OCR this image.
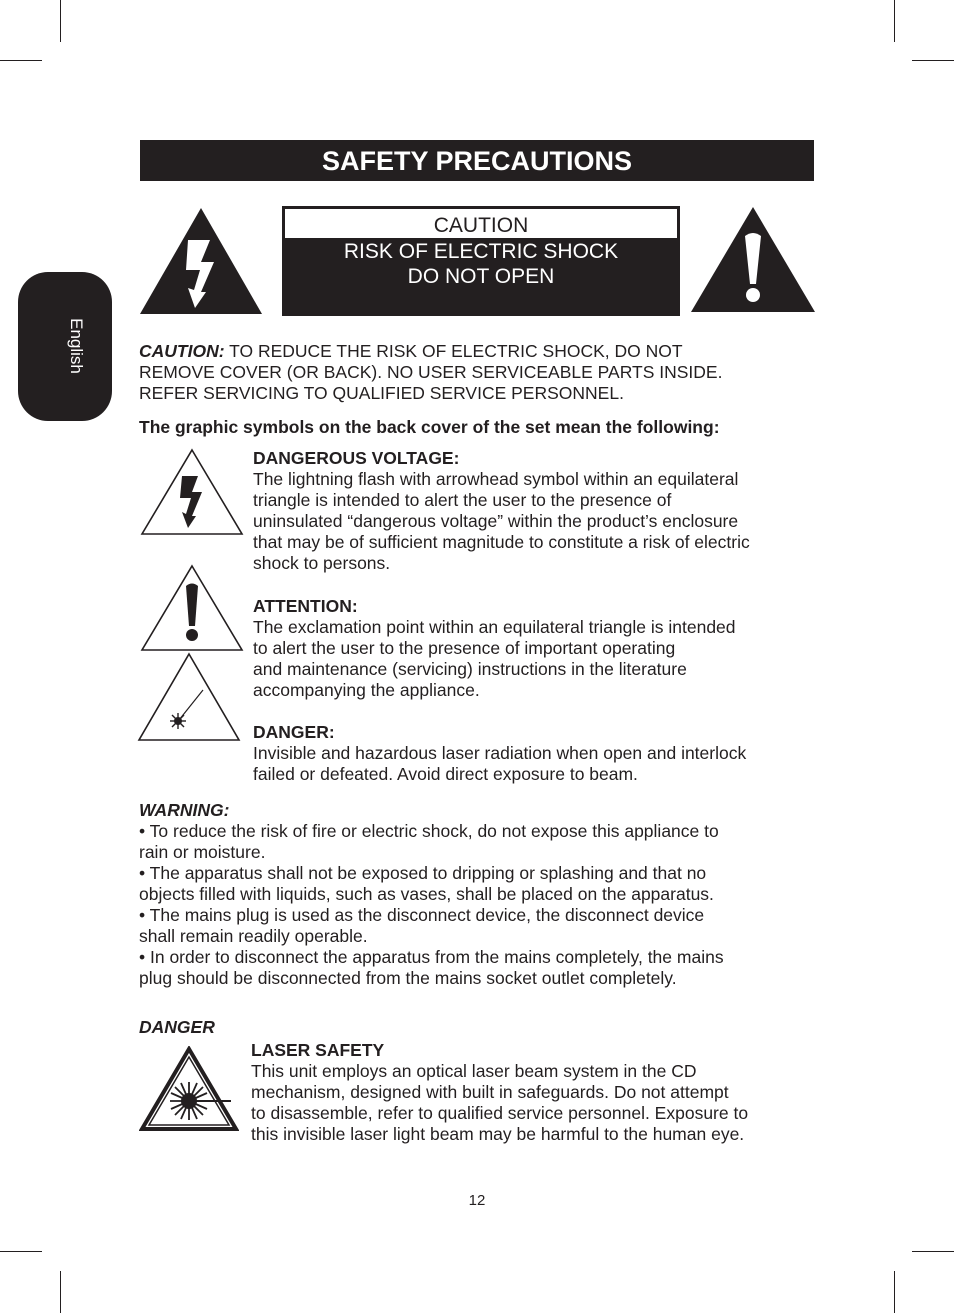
English
SAFETY PRECAUTIONS
CAUTION
RISK OF ELECTRIC SHOCK
DO NOT OPEN

CAUTION: TO REDUCE THE RISK OF ELECTRIC SHOCK, DO NOT
REMOVE COVER (OR BACK). NO USER SERVICEABLE PARTS INSIDE.
REFER SERVICING TO QUALIFIED SERVICE PERSONNEL.

The graphic symbols on the back cover of the set mean the following:

DANGEROUS VOLTAGE:
The lightning flash with arrowhead symbol within an equilateral
triangle is intended to alert the user to the presence of
uninsulated “dangerous voltage” within the product’s enclosure
that may be of sufficient magnitude to constitute a risk of electric
shock to persons.

ATTENTION:
The exclamation point within an equilateral triangle is intended
to alert the user to the presence of important operating
and maintenance (servicing) instructions in the literature
accompanying the appliance.

DANGER:
Invisible and hazardous laser radiation when open and interlock
failed or defeated. Avoid direct exposure to beam.

WARNING:
• To reduce the risk of fire or electric shock, do not expose this appliance to
rain or moisture.
• The apparatus shall not be exposed to dripping or splashing and that no
objects filled with liquids, such as vases, shall be placed on the apparatus.
• The mains plug is used as the disconnect device, the disconnect device
shall remain readily operable.
• In order to disconnect the apparatus from the mains completely, the mains
plug should be disconnected from the mains socket outlet completely.

DANGER

LASER SAFETY
This unit employs an optical laser beam system in the CD
mechanism, designed with built in safeguards. Do not attempt
to disassemble, refer to qualified service personnel. Exposure to
this invisible laser light beam may be harmful to the human eye.

12
